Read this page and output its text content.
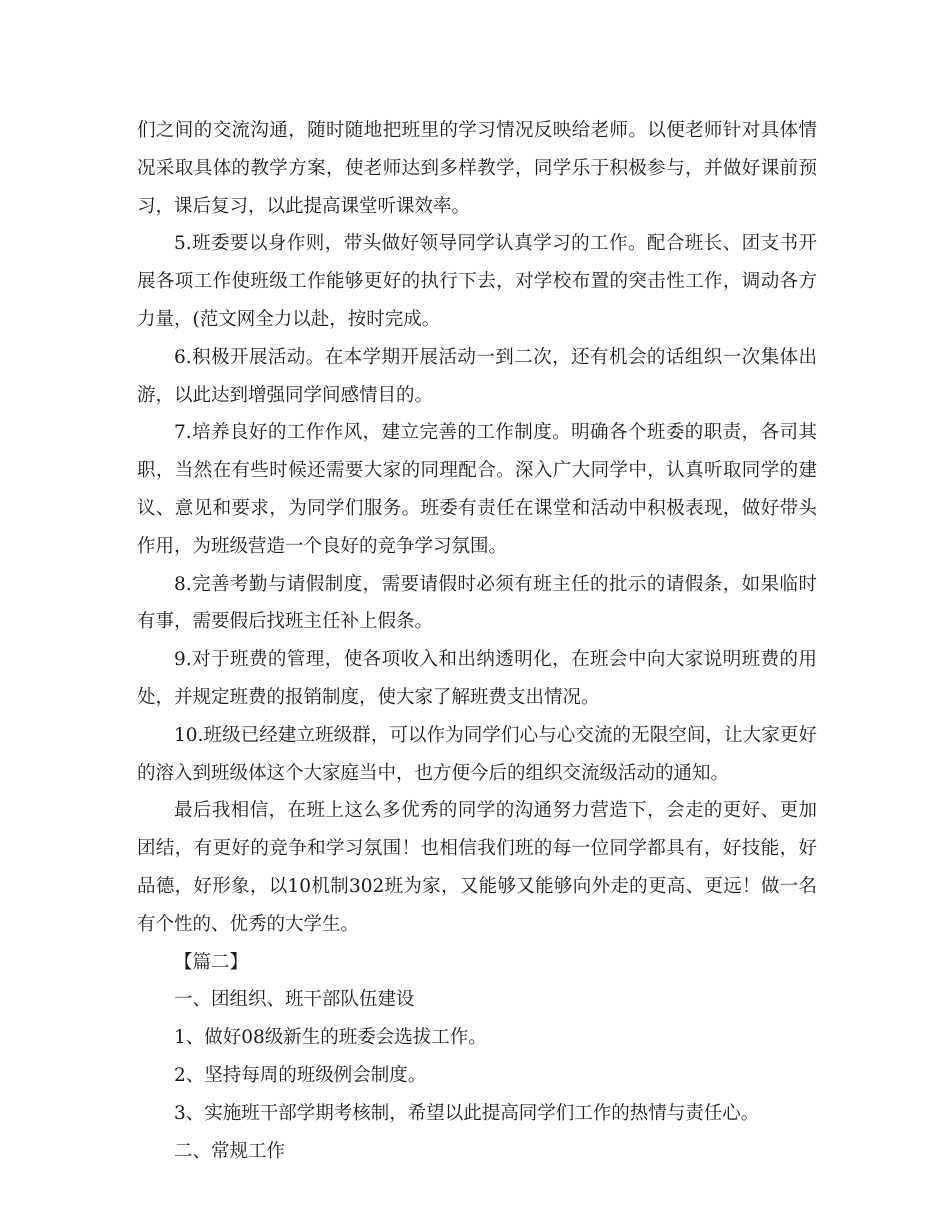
们之间的交流沟通，随时随地把班里的学习情况反映给老师。以便老师针对具体情况采取具体的教学方案，使老师达到多样教学，同学乐于积极参与，并做好课前预习，课后复习，以此提高课堂听课效率。

5.班委要以身作则，带头做好领导同学认真学习的工作。配合班长、团支书开展各项工作使班级工作能够更好的执行下去，对学校布置的突击性工作，调动各方力量，(范文网全力以赴，按时完成。

6.积极开展活动。在本学期开展活动一到二次，还有机会的话组织一次集体出游，以此达到增强同学间感情目的。

7.培养良好的工作作风，建立完善的工作制度。明确各个班委的职责，各司其职，当然在有些时候还需要大家的同理配合。深入广大同学中，认真听取同学的建议、意见和要求，为同学们服务。班委有责任在课堂和活动中积极表现，做好带头作用，为班级营造一个良好的竞争学习氛围。

8.完善考勤与请假制度，需要请假时必须有班主任的批示的请假条，如果临时有事，需要假后找班主任补上假条。

9.对于班费的管理，使各项收入和出纳透明化，在班会中向大家说明班费的用处，并规定班费的报销制度，使大家了解班费支出情况。

10.班级已经建立班级群，可以作为同学们心与心交流的无限空间，让大家更好的溶入到班级体这个大家庭当中，也方便今后的组织交流级活动的通知。

最后我相信，在班上这么多优秀的同学的沟通努力营造下，会走的更好、更加团结，有更好的竞争和学习氛围！也相信我们班的每一位同学都具有，好技能，好品德，好形象，以10机制302班为家，又能够又能够向外走的更高、更远！做一名有个性的、优秀的大学生。

【篇二】

一、团组织、班干部队伍建设

1、做好08级新生的班委会选拔工作。

2、坚持每周的班级例会制度。

3、实施班干部学期考核制，希望以此提高同学们工作的热情与责任心。

二、常规工作
